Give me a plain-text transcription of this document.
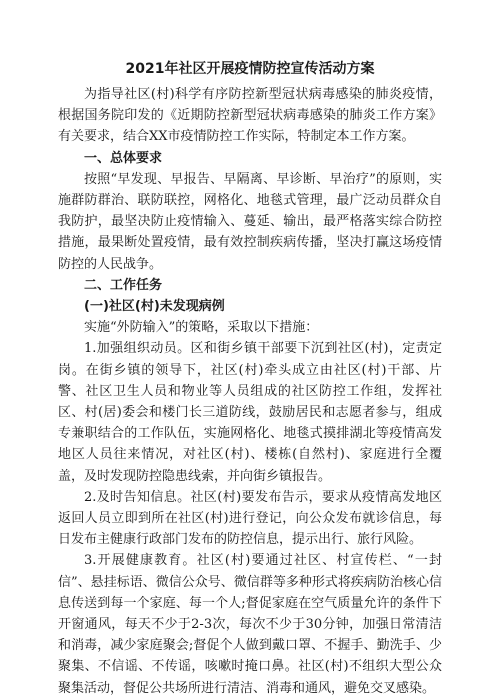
2021年社区开展疫情防控宣传活动方案

为指导社区(村)科学有序防控新型冠状病毒感染的肺炎疫情，根据国务院印发的《近期防控新型冠状病毒感染的肺炎工作方案》有关要求，结合XX市疫情防控工作实际，特制定本工作方案。

一、总体要求

按照“早发现、早报告、早隔离、早诊断、早治疗”的原则，实施群防群治、联防联控，网格化、地毯式管理，最广泛动员群众自我防护，最坚决防止疫情输入、蔓延、输出，最严格落实综合防控措施，最果断处置疫情，最有效控制疾病传播，坚决打赢这场疫情防控的人民战争。

二、工作任务

(一)社区(村)未发现病例

实施“外防输入”的策略，采取以下措施：

1.加强组织动员。区和街乡镇干部要下沉到社区(村)，定责定岗。在街乡镇的领导下，社区(村)牵头成立由社区(村)干部、片警、社区卫生人员和物业等人员组成的社区防控工作组，发挥社区、村(居)委会和楼门长三道防线，鼓励居民和志愿者参与，组成专兼职结合的工作队伍，实施网格化、地毯式摸排湖北等疫情高发地区人员往来情况，对社区(村)、楼栋(自然村)、家庭进行全覆盖，及时发现防控隐患线索，并向街乡镇报告。

2.及时告知信息。社区(村)要发布告示，要求从疫情高发地区返回人员立即到所在社区(村)进行登记，向公众发布就诊信息，每日发布主健康行政部门发布的防控信息，提示出行、旅行风险。

3.开展健康教育。社区(村)要通过社区、村宣传栏、“一封信”、悬挂标语、微信公众号、微信群等多种形式将疾病防治核心信息传送到每一个家庭、每一个人;督促家庭在空气质量允许的条件下开窗通风，每天不少于2-3次，每次不少于30分钟，加强日常清洁和消毒，减少家庭聚会;督促个人做到戴口罩、不握手、勤洗手、少聚集、不信谣、不传谣，咳嗽时掩口鼻。社区(村)不组织大型公众聚集活动，督促公共场所进行清洁、消毒和通风，避免交叉感染。
